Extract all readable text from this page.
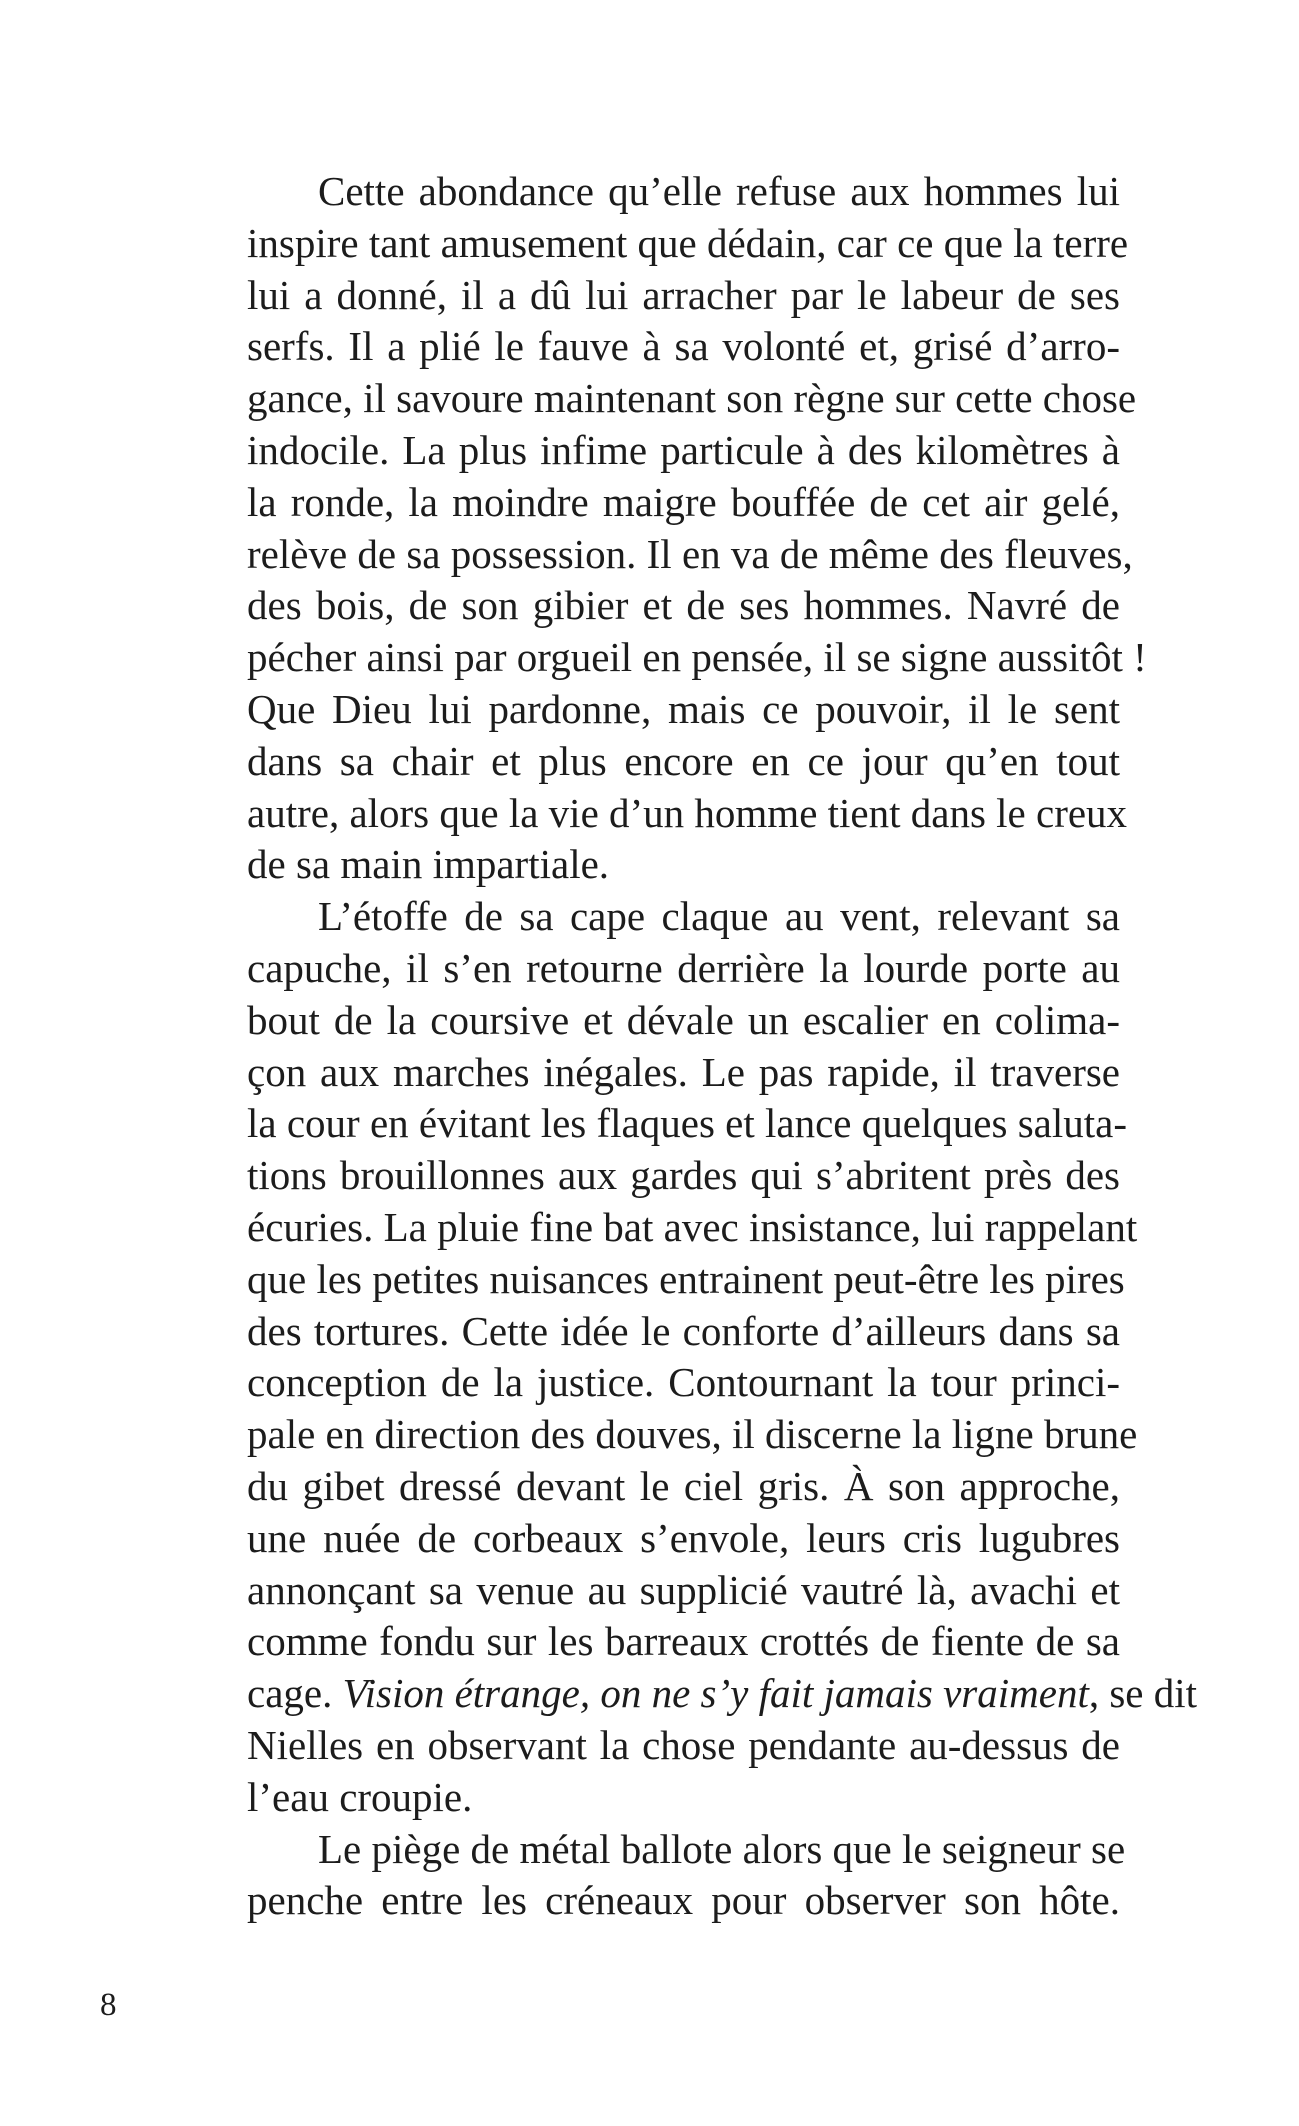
Cette abondance qu’elle refuse aux hommes lui
inspire tant amusement que dédain, car ce que la terre
lui a donné, il a dû lui arracher par le labeur de ses
serfs. Il a plié le fauve à sa volonté et, grisé d’arro-
gance, il savoure maintenant son règne sur cette chose
indocile. La plus infime particule à des kilomètres à
la ronde, la moindre maigre bouffée de cet air gelé,
relève de sa possession. Il en va de même des fleuves,
des bois, de son gibier et de ses hommes. Navré de
pécher ainsi par orgueil en pensée, il se signe aussitôt !
Que Dieu lui pardonne, mais ce pouvoir, il le sent
dans sa chair et plus encore en ce jour qu’en tout
autre, alors que la vie d’un homme tient dans le creux
de sa main impartiale.
L’étoffe de sa cape claque au vent, relevant sa
capuche, il s’en retourne derrière la lourde porte au
bout de la coursive et dévale un escalier en colima-
çon aux marches inégales. Le pas rapide, il traverse
la cour en évitant les flaques et lance quelques saluta-
tions brouillonnes aux gardes qui s’abritent près des
écuries. La pluie fine bat avec insistance, lui rappelant
que les petites nuisances entrainent peut-être les pires
des tortures. Cette idée le conforte d’ailleurs dans sa
conception de la justice. Contournant la tour princi-
pale en direction des douves, il discerne la ligne brune
du gibet dressé devant le ciel gris. À son approche,
une nuée de corbeaux s’envole, leurs cris lugubres
annonçant sa venue au supplicié vautré là, avachi et
comme fondu sur les barreaux crottés de fiente de sa
cage. Vision étrange, on ne s’y fait jamais vraiment, se dit
Nielles en observant la chose pendante au-dessus de
l’eau croupie.
Le piège de métal ballote alors que le seigneur se
penche entre les créneaux pour observer son hôte.
8
